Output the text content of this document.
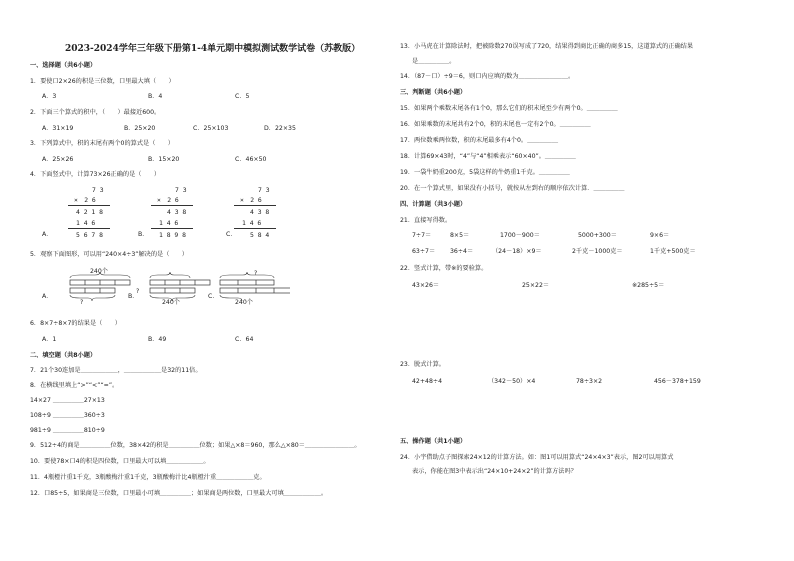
2023-2024学年三年级下册第1-4单元期中模拟测试数学试卷（苏教版）
一、选择题（共6小题）
1．要使口2×26的积是三位数，口里最大填（　　）
A．3	B．4	C．5
2．下面三个算式的积中，（　　）最接近600。
A．31×19	B．25×20	C．25×103	D．22×35
3．下列算式中，积的末尾有两个0的算式是（　　）
A．25×26	B．15×20	C．46×50
4．下面竖式中，计算73×26正确的是（　　）
7 3
×　2 6
4 2 1 8
1 4 6
A．	5 6 7 8
7 3
×　2 6
4 3 8
1 4 6
B． 1 8 9 8
7 3
×　2 6
4 3 8
1 4 6
C． 5 8 4
5．观察下面图形，可以用“240×4÷3”解决的是（　　）
240个
?
?
240个
?
240个
A．	B．	C．
6．8×7÷8×7的结果是（　　）
A．1	B．49	C．64
二、填空题（共8小题）
7．21个30连加是＿＿＿＿＿＿，＿＿＿＿＿＿是32的11倍。
8．在横线里填上“>”“<”“=”。
14×27 ＿＿＿＿＿27×13
108÷9 ＿＿＿＿＿360÷3
981÷9 ＿＿＿＿＿810÷9
9．512÷4的商是＿＿＿＿＿位数，38×42的积是＿＿＿＿＿位数；如果△×8＝960，那么△×80＝＿＿＿＿＿＿＿＿。
10．要使78×口4的积是四位数，口里最大可以填＿＿＿＿＿＿。
11．4瓶橙汁重1千克，3瓶酸梅汁重1千克，3瓶酸梅汁比4瓶橙汁重＿＿＿＿＿＿克。
12．口85÷5，如果商是三位数，口里最小可填＿＿＿＿＿；如果商是两位数，口里最大可填＿＿＿＿＿＿。
13．小马虎在计算除法时，把被除数270误写成了720，结果得到商比正确的商多15，这道算式的正确结果
是＿＿＿＿＿。
14．（87－口）÷9＝6，则口内应填的数为＿＿＿＿＿＿＿＿。
三、判断题（共6小题）
15．如果两个乘数末尾各有1个0，那么它们的积末尾至少有两个0。＿＿＿＿＿
16．如果乘数的末尾共有2个0，积的末尾也一定有2个0。＿＿＿＿＿
17．两位数乘两位数，积的末尾最多有4个0。＿＿＿＿＿
18．计算69×43时，“4”与“4”相乘表示“60×40”。＿＿＿＿＿
19．一袋牛奶重200克，5袋这样的牛奶重1千克。＿＿＿＿＿
20．在一个算式里，如果没有小括号，就按从左到右的顺序依次计算．＿＿＿＿＿
四、计算题（共3小题）
21．直接写得数。
7÷7＝	8×5＝	1700－900＝	5000+300＝	9×6＝
63÷7＝ 36÷4＝	（24－18）×9＝	2千克－1000克＝	1千克+500克＝
22．竖式计算，带※的要验算。
43×26＝	25×22＝	※285÷5＝
23．脱式计算。
42+48÷4	（342－50）×4	78÷3×2	456－378+159
五、操作题（共1小题）
24．小宇借助点子图探索24×12的计算方法。如：图1可以用算式“24×4×3”表示，图2可以用算式
表示，你能在图3中表示出“24×10+24×2”的计算方法吗？
